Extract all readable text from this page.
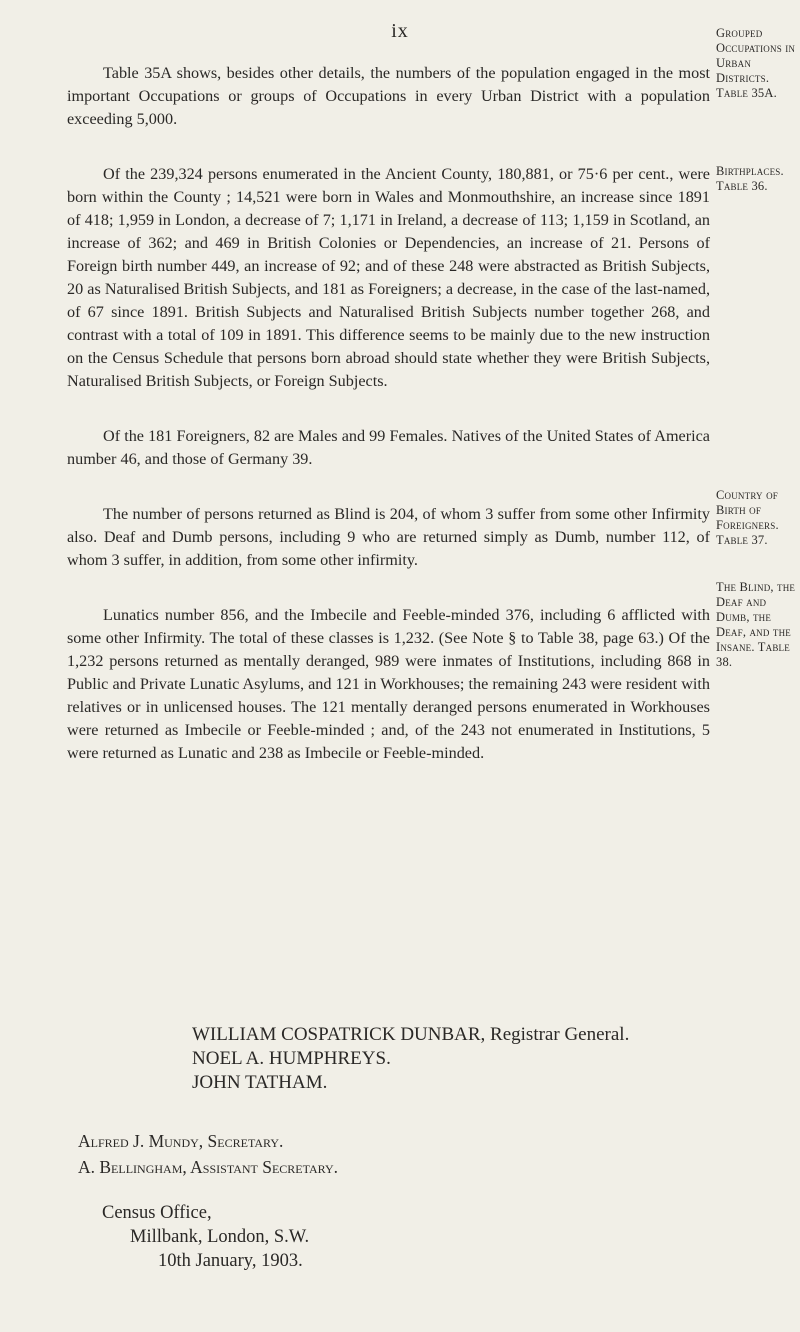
ix

Table 35A shows, besides other details, the numbers of the population engaged in the most important Occupations or groups of Occupations in every Urban District with a population exceeding 5,000.

Of the 239,324 persons enumerated in the Ancient County, 180,881, or 75·6 per cent., were born within the County ; 14,521 were born in Wales and Monmouthshire, an increase since 1891 of 418; 1,959 in London, a decrease of 7; 1,171 in Ireland, a decrease of 113; 1,159 in Scotland, an increase of 362; and 469 in British Colonies or Dependencies, an increase of 21. Persons of Foreign birth number 449, an increase of 92; and of these 248 were abstracted as British Subjects, 20 as Naturalised British Subjects, and 181 as Foreigners; a decrease, in the case of the last-named, of 67 since 1891. British Subjects and Naturalised British Subjects number together 268, and contrast with a total of 109 in 1891. This difference seems to be mainly due to the new instruction on the Census Schedule that persons born abroad should state whether they were British Subjects, Naturalised British Subjects, or Foreign Subjects.

Of the 181 Foreigners, 82 are Males and 99 Females. Natives of the United States of America number 46, and those of Germany 39.

The number of persons returned as Blind is 204, of whom 3 suffer from some other Infirmity also. Deaf and Dumb persons, including 9 who are returned simply as Dumb, number 112, of whom 3 suffer, in addition, from some other infirmity.

Lunatics number 856, and the Imbecile and Feeble-minded 376, including 6 afflicted with some other Infirmity. The total of these classes is 1,232. (See Note § to Table 38, page 63.) Of the 1,232 persons returned as mentally deranged, 989 were inmates of Institutions, including 868 in Public and Private Lunatic Asylums, and 121 in Workhouses; the remaining 243 were resident with relatives or in unlicensed houses. The 121 mentally deranged persons enumerated in Workhouses were returned as Imbecile or Feeble-minded ; and, of the 243 not enumerated in Institutions, 5 were returned as Lunatic and 238 as Imbecile or Feeble-minded.

Grouped Occupations in Urban Districts. Table 35A.
Birthplaces. Table 36.
Country of Birth of Foreigners. Table 37.
The Blind, the Deaf and Dumb, the Deaf, and the Insane. Table 38.
WILLIAM COSPATRICK DUNBAR, Registrar General.
NOEL A. HUMPHREYS.
JOHN TATHAM.
Alfred J. Mundy, Secretary.
A. Bellingham, Assistant Secretary.
Census Office,
Millbank, London, S.W.
10th January, 1903.
